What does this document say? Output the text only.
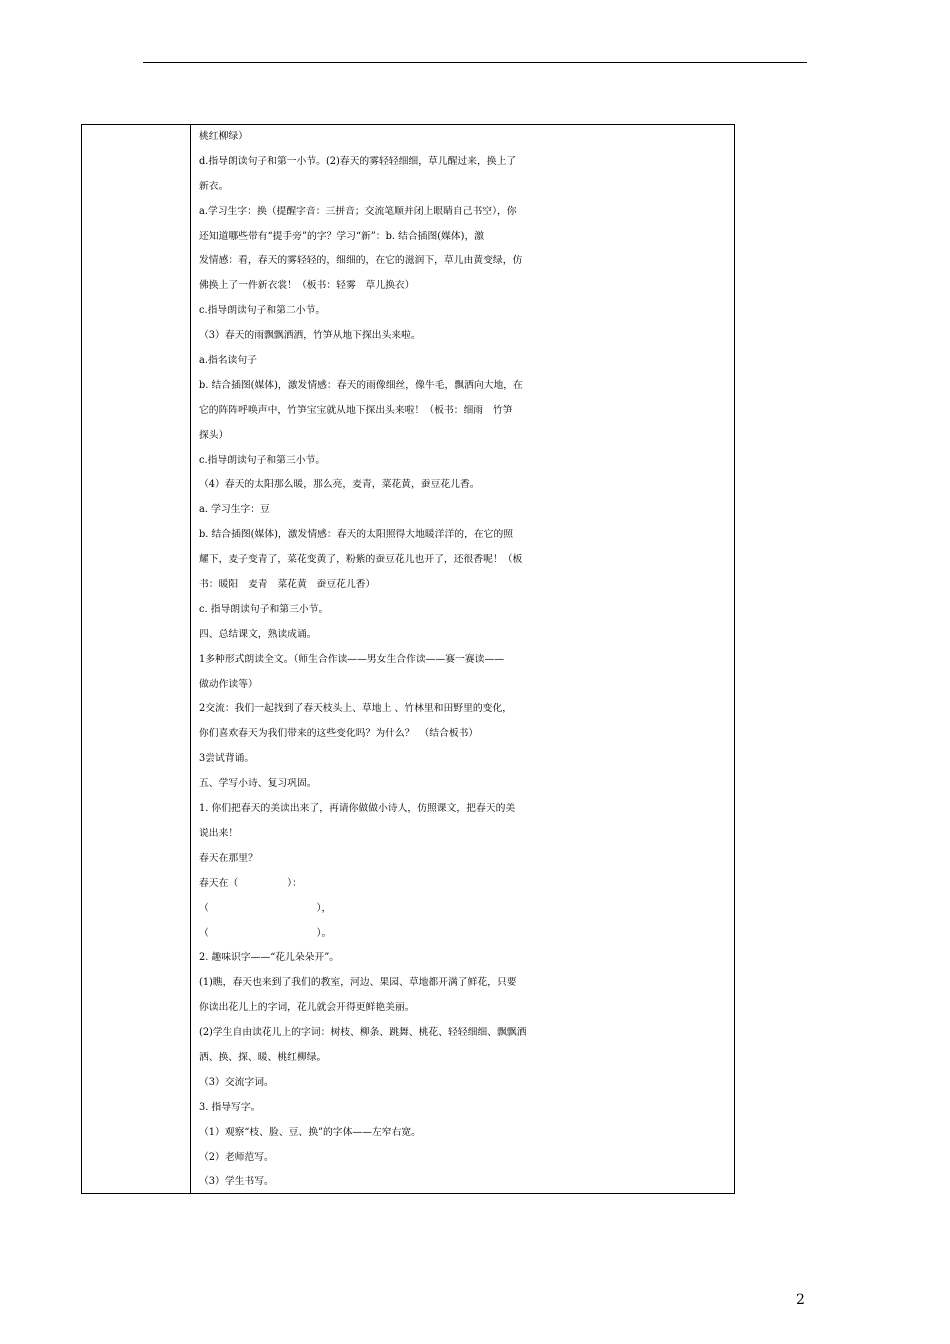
桃红柳绿）
d.指导朗读句子和第一小节。(2)春天的雾轻轻细细，草儿醒过来，换上了
新衣。
a.学习生字：换（提醒字音：三拼音；交流笔顺并闭上眼睛自己书空），你
还知道哪些带有“提手旁”的字？学习“新”：b. 结合插图(媒体)，激
发情感：看，春天的雾轻轻的，细细的，在它的滋润下，草儿由黄变绿，仿
佛换上了一件新衣裳！（板书：轻雾　草儿换衣）
c.指导朗读句子和第二小节。
（3）春天的雨飘飘洒洒，竹笋从地下探出头来啦。
a.指名读句子
b. 结合插图(媒体)，激发情感：春天的雨像细丝，像牛毛，飘洒向大地，在
它的阵阵呼唤声中，竹笋宝宝就从地下探出头来啦！（板书：细雨　竹笋
探头）
c.指导朗读句子和第三小节。
（4）春天的太阳那么暖，那么亮，麦青，菜花黄，蚕豆花儿香。
a. 学习生字：豆
b. 结合插图(媒体)，激发情感：春天的太阳照得大地暖洋洋的，在它的照
耀下，麦子变青了，菜花变黄了，粉紫的蚕豆花儿也开了，还很香呢！（板
书：暖阳　麦青　菜花黄　蚕豆花儿香）
c. 指导朗读句子和第三小节。
四、总结课文，熟读成诵。
1多种形式朗读全文。（师生合作读——男女生合作读——赛一赛读——
做动作读等）
2交流：我们一起找到了春天枝头上、草地上 、竹林里和田野里的变化，
你们喜欢春天为我们带来的这些变化吗？为什么？　（结合板书）
3尝试背诵。
五、学写小诗、复习巩固。
1. 你们把春天的美读出来了，再请你做做小诗人，仿照课文，把春天的美
说出来！
春天在那里？
春天在（　　　　　）：
（　　　　　　　　　　　），
（　　　　　　　　　　　）。
2. 趣味识字——“花儿朵朵开”。
(1)瞧，春天也来到了我们的教室，河边、果园、草地都开满了鲜花，只要
你读出花儿上的字词，花儿就会开得更鲜艳美丽。
(2)学生自由读花儿上的字词：树枝、柳条、跳舞、桃花、轻轻细细、飘飘洒
洒、换、探、暖、桃红柳绿。
（3）交流字词。
3. 指导写字。
（1）观察“枝、脸、豆、换”的字体——左窄右宽。
（2）老师范写。
（3）学生书写。
2
